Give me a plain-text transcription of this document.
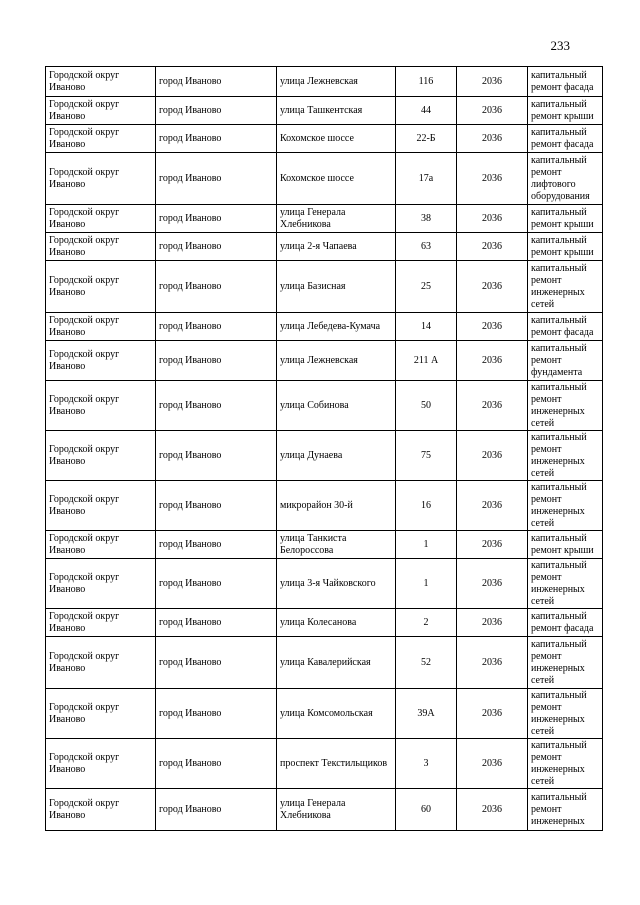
233
Городской округ Иваново	город Иваново	улица Лежневская	116	2036	капитальный ремонт фасада
Городской округ Иваново	город Иваново	улица Ташкентская	44	2036	капитальный ремонт крыши
Городской округ Иваново	город Иваново	Кохомское шоссе	22-Б	2036	капитальный ремонт фасада
Городской округ Иваново	город Иваново	Кохомское шоссе	17а	2036	капитальный ремонт лифтового оборудования
Городской округ Иваново	город Иваново	улица Генерала Хлебникова	38	2036	капитальный ремонт крыши
Городской округ Иваново	город Иваново	улица 2-я Чапаева	63	2036	капитальный ремонт крыши
Городской округ Иваново	город Иваново	улица Базисная	25	2036	капитальный ремонт инженерных сетей
Городской округ Иваново	город Иваново	улица Лебедева-Кумача	14	2036	капитальный ремонт фасада
Городской округ Иваново	город Иваново	улица Лежневская	211 А	2036	капитальный ремонт фундамента
Городской округ Иваново	город Иваново	улица Собинова	50	2036	капитальный ремонт инженерных сетей
Городской округ Иваново	город Иваново	улица Дунаева	75	2036	капитальный ремонт инженерных сетей
Городской округ Иваново	город Иваново	микрорайон 30-й	16	2036	капитальный ремонт инженерных сетей
Городской округ Иваново	город Иваново	улица Танкиста Белороссова	1	2036	капитальный ремонт крыши
Городской округ Иваново	город Иваново	улица 3-я Чайковского	1	2036	капитальный ремонт инженерных сетей
Городской округ Иваново	город Иваново	улица Колесанова	2	2036	капитальный ремонт фасада
Городской округ Иваново	город Иваново	улица Кавалерийская	52	2036	капитальный ремонт инженерных сетей
Городской округ Иваново	город Иваново	улица Комсомольская	39А	2036	капитальный ремонт инженерных сетей
Городской округ Иваново	город Иваново	проспект Текстильщиков	3	2036	капитальный ремонт инженерных сетей
Городской округ Иваново	город Иваново	улица Генерала Хлебникова	60	2036	капитальный ремонт инженерных
